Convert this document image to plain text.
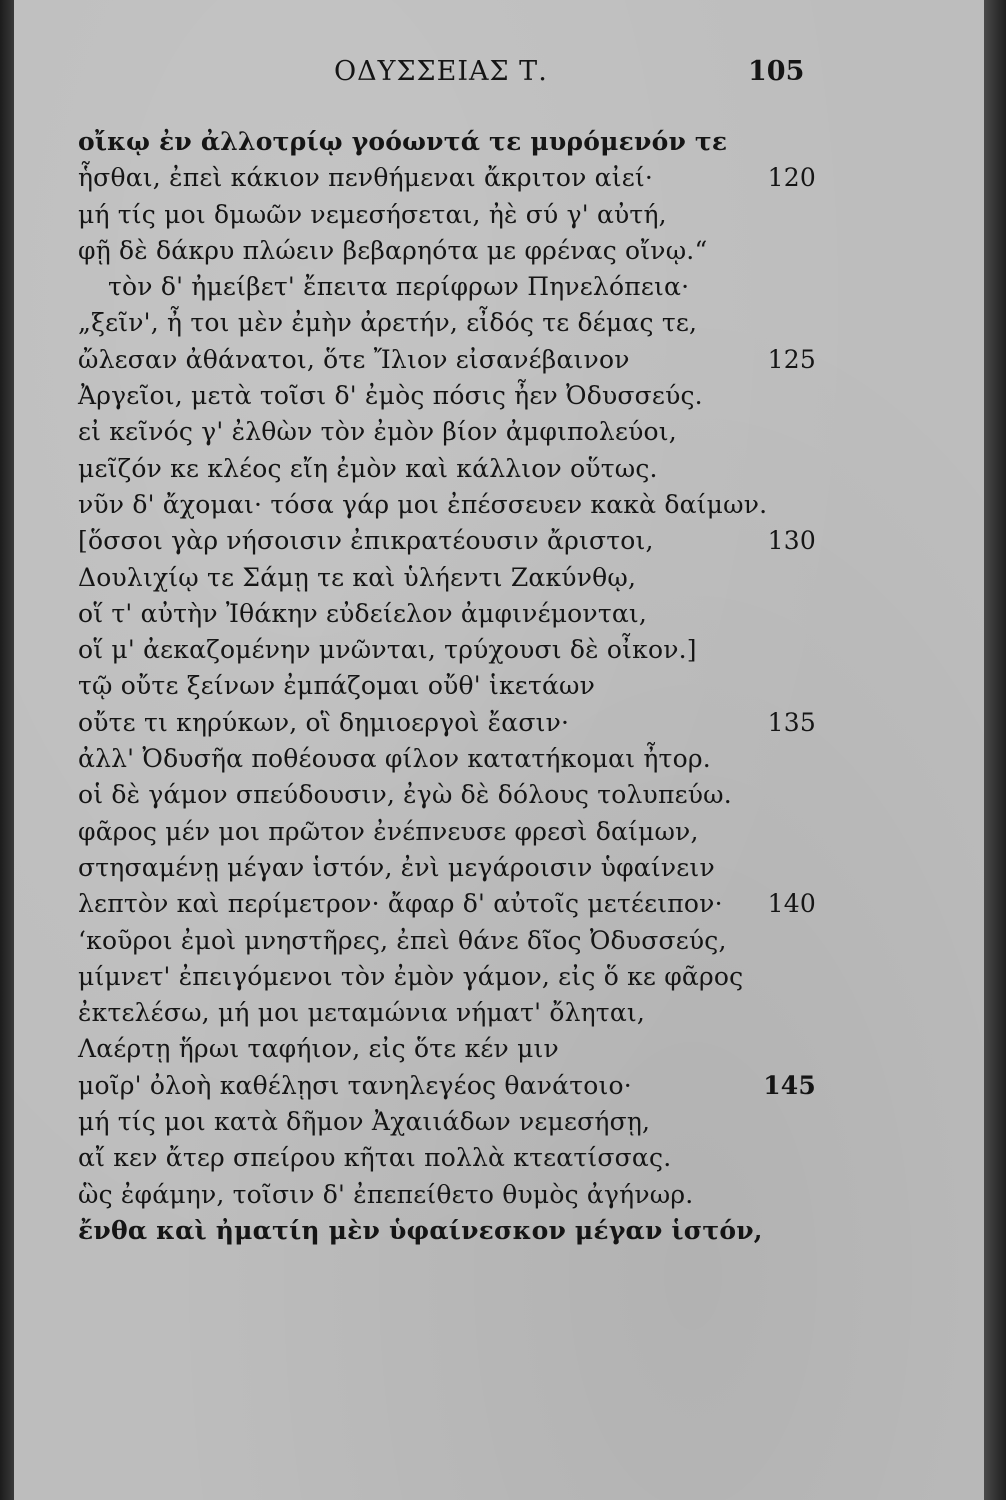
ΟΔΥΣΣΕΙΑΣ Τ.	105
οἴκῳ ἐν ἀλλοτρίῳ γοόωντά τε μυρόμενόν τε
ἧσθαι, ἐπεὶ κάκιον πενθήμεναι ἄκριτον αἰεί·	120
μή τίς μοι δμωῶν νεμεσήσεται, ἠὲ σύ γ' αὐτή,
φῇ δὲ δάκρυ πλώειν βεβαρηότα με φρένας οἴνῳ.“
τὸν δ' ἠμείβετ' ἔπειτα περίφρων Πηνελόπεια·
„ξεῖν', ἦ τοι μὲν ἐμὴν ἀρετήν, εἶδός τε δέμας τε,
ὤλεσαν ἀθάνατοι, ὅτε Ἴλιον εἰσανέβαινον	125
Ἀργεῖοι, μετὰ τοῖσι δ' ἐμὸς πόσις ἦεν Ὀδυσσεύς.
εἰ κεῖνός γ' ἐλθὼν τὸν ἐμὸν βίον ἀμφιπολεύοι,
μεῖζόν κε κλέος εἴη ἐμὸν καὶ κάλλιον οὕτως.
νῦν δ' ἄχομαι· τόσα γάρ μοι ἐπέσσευεν κακὰ δαίμων.
[ὅσσοι γὰρ νήσοισιν ἐπικρατέουσιν ἄριστοι,	130
Δουλιχίῳ τε Σάμῃ τε καὶ ὑλήεντι Ζακύνθῳ,
οἵ τ' αὐτὴν Ἰθάκην εὐδείελον ἀμφινέμονται,
οἵ μ' ἀεκαζομένην μνῶνται, τρύχουσι δὲ οἶκον.]
τῷ οὔτε ξείνων ἐμπάζομαι οὔθ' ἱκετάων
οὔτε τι κηρύκων, οἳ δημιοεργοὶ ἔασιν·	135
ἀλλ' Ὀδυσῆα ποθέουσα φίλον κατατήκομαι ἦτορ.
οἱ δὲ γάμον σπεύδουσιν, ἐγὼ δὲ δόλους τολυπεύω.
φᾶρος μέν μοι πρῶτον ἐνέπνευσε φρεσὶ δαίμων,
στησαμένῃ μέγαν ἱστόν, ἐνὶ μεγάροισιν ὑφαίνειν
λεπτὸν καὶ περίμετρον· ἄφαρ δ' αὐτοῖς μετέειπον· 140
‘κοῦροι ἐμοὶ μνηστῆρες, ἐπεὶ θάνε δῖος Ὀδυσσεύς,
μίμνετ' ἐπειγόμενοι τὸν ἐμὸν γάμον, εἰς ὅ κε φᾶρος
ἐκτελέσω, μή μοι μεταμώνια νήματ' ὄληται,
Λαέρτῃ ἥρωι ταφήιον, εἰς ὅτε κέν μιν
μοῖρ' ὀλοὴ καθέλῃσι τανηλεγέος θανάτοιο·	145
μή τίς μοι κατὰ δῆμον Ἀχαιιάδων νεμεσήσῃ,
αἴ κεν ἄτερ σπείρου κῆται πολλὰ κτεατίσσας.
ὣς ἐφάμην, τοῖσιν δ' ἐπεπείθετο θυμὸς ἀγήνωρ.
ἔνθα καὶ ἠματίη μὲν ὑφαίνεσκον μέγαν ἱστόν,
